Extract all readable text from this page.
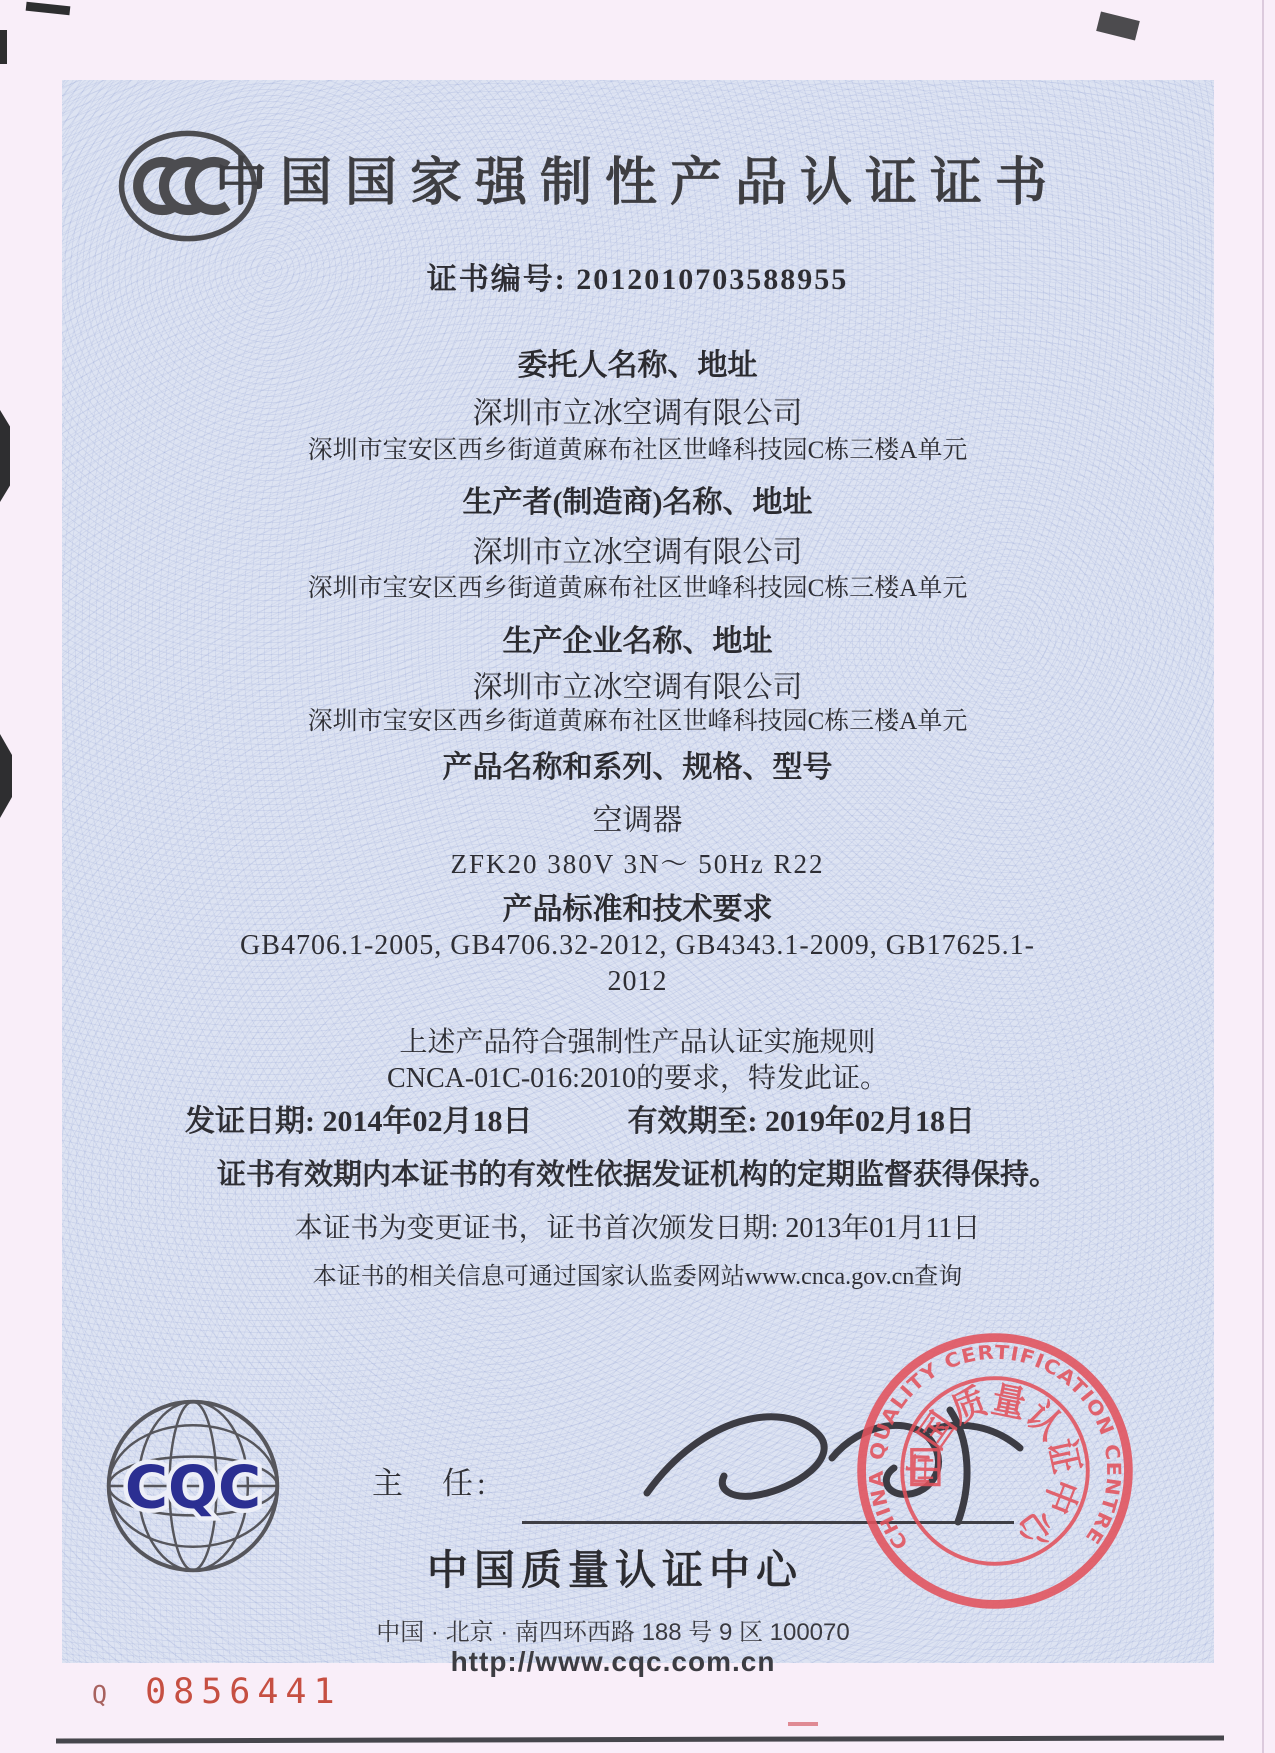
中国国家强制性产品认证证书
证书编号: 2012010703588955
委托人名称、地址
深圳市立冰空调有限公司
深圳市宝安区西乡街道黄麻布社区世峰科技园C栋三楼A单元
生产者(制造商)名称、地址
深圳市立冰空调有限公司
深圳市宝安区西乡街道黄麻布社区世峰科技园C栋三楼A单元
生产企业名称、地址
深圳市立冰空调有限公司
深圳市宝安区西乡街道黄麻布社区世峰科技园C栋三楼A单元
产品名称和系列、规格、型号
空调器
ZFK20 380V 3N～ 50Hz R22
产品标准和技术要求
GB4706.1-2005, GB4706.32-2012, GB4343.1-2009, GB17625.1-
2012
上述产品符合强制性产品认证实施规则
CNCA-01C-016:2010的要求，特发此证。
发证日期: 2014年02月18日	有效期至: 2019年02月18日
证书有效期内本证书的有效性依据发证机构的定期监督获得保持。
本证书为变更证书，证书首次颁发日期: 2013年01月11日
本证书的相关信息可通过国家认监委网站www.cnca.gov.cn查询
CQC	主　任:
中国质量认证中心
中国 · 北京 · 南四环西路 188 号 9 区 100070
http://www.cqc.com.cn
CHINA QUALITY CERTIFICATION CENTRE
中国质量认证中心
Q 0856441
